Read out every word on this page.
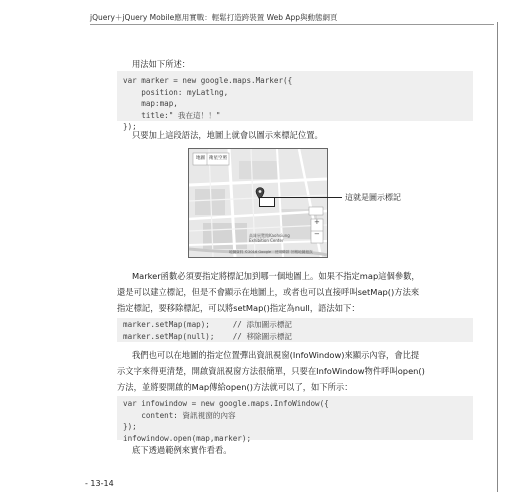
jQuery＋jQuery Mobile應用實戰：輕鬆打造跨裝置 Web App與動態網頁
用法如下所述：
var marker = new google.maps.Marker({
position: myLatlng,
map:map,
title:" 我在這！！"
});
只要加上這段語法，地圖上就會以圖示來標記位置。
地圖 衛星空照
高雄展覽館Kaohsiung
Exhibition Center
+
−
地圖資料 ©2016 Google 使用條款 回報地圖錯誤
這就是圖示標記
Marker函數必須要指定將標記加到哪一個地圖上。如果不指定map這個參數，
還是可以建立標記，但是不會顯示在地圖上，或者也可以直接呼叫setMap()方法來
指定標記，要移除標記，可以將setMap()指定為null，語法如下：
marker.setMap(map);     // 添加圖示標記
marker.setMap(null);    // 移除圖示標記
我們也可以在地圖的指定位置彈出資訊視窗(InfoWindow)來顯示內容，會比提
示文字來得更清楚，開啟資訊視窗方法很簡單，只要在InfoWindow物件呼叫open()
方法，並將要開啟的Map傳給open()方法就可以了，如下所示：
var infowindow = new google.maps.InfoWindow({
content: 資訊視窗的內容
});
infowindow.open(map,marker);
底下透過範例來實作看看。
- 13-14
